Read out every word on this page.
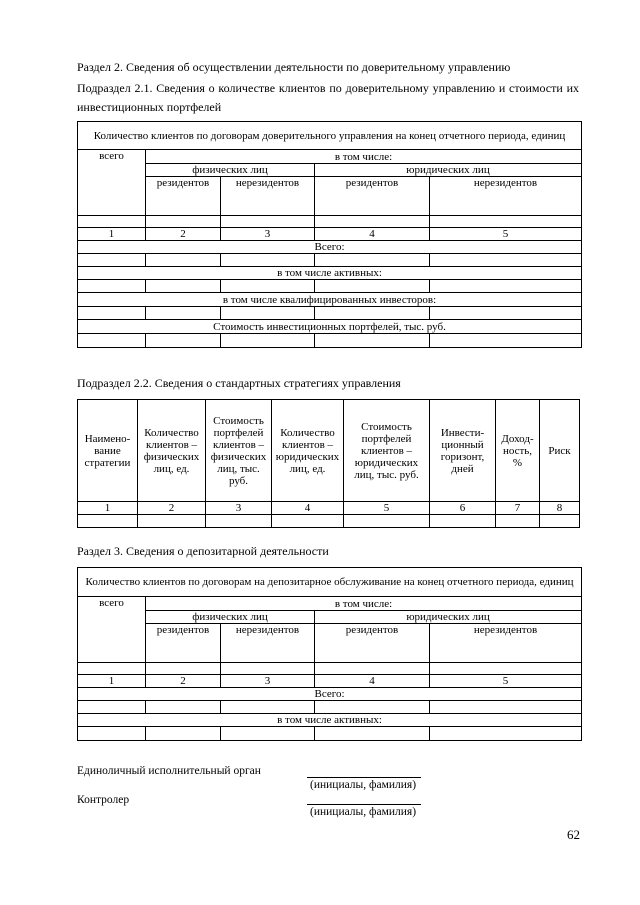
Раздел 2. Сведения об осуществлении деятельности по доверительному управлению
Подраздел 2.1. Сведения о количестве клиентов по доверительному управлению и стоимости их инвестиционных портфелей
Количество клиентов по договорам доверительного управления на конец отчетного периода, единиц				
всего	в том числе:			
	физических лиц		юридических лиц	
	резидентов	нерезидентов	резидентов	нерезидентов

1	2	3	4	5
Всего:				

в том числе активных:				

в том числе квалифицированных инвесторов:				

Стоимость инвестиционных портфелей, тыс. руб.				

Подраздел 2.2. Сведения о стандартных стратегиях управления
Наимено-вание стратегии	Количество клиентов – физических лиц, ед.	Стоимость портфелей клиентов – физических лиц, тыс. руб.	Количество клиентов – юридических лиц, ед.	Стоимость портфелей клиентов – юридических лиц, тыс. руб.	Инвести-ционный горизонт, дней	Доход-ность, %	Риск
1	2	3	4	5	6	7	8

Раздел 3. Сведения о депозитарной деятельности
Количество клиентов по договорам на депозитарное обслуживание на конец отчетного периода, единиц				
всего	в том числе:			
	физических лиц		юридических лиц	
	резидентов	нерезидентов	резидентов	нерезидентов

1	2	3	4	5
Всего:				

в том числе активных:				

Единоличный исполнительный орган
(инициалы, фамилия)
Контролер
(инициалы, фамилия)
62
